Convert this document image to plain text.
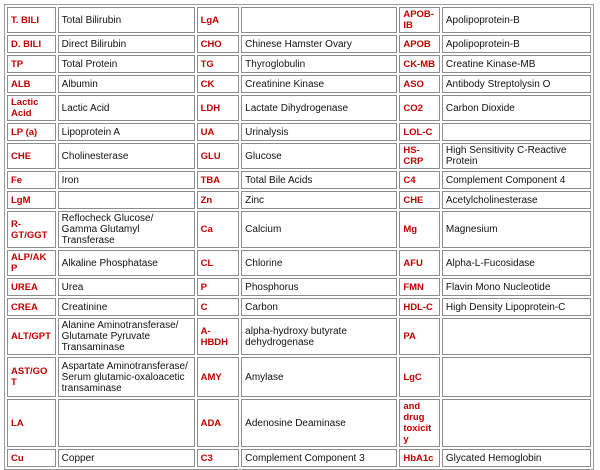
T. BILI	Total Bilirubin	LgA		APOB-IB	Apolipoprotein-B
D. BILI	Direct Bilirubin	CHO	Chinese Hamster Ovary	APOB	Apolipoprotein-B
TP	Total Protein	TG	Thyroglobulin	CK-MB	Creatine Kinase-MB
ALB	Albumin	CK	Creatinine Kinase	ASO	Antibody Streptolysin O
Lactic Acid	Lactic Acid	LDH	Lactate Dihydrogenase	CO2	Carbon Dioxide
LP (a)	Lipoprotein A	UA	Urinalysis	LOL-C	
CHE	Cholinesterase	GLU	Glucose	HS-CRP	High Sensitivity C-Reactive Protein
Fe	Iron	TBA	Total Bile Acids	C4	Complement Component 4
LgM		Zn	Zinc	CHE	Acetylcholinesterase
R-GT/GGT	Reflocheck Glucose/ Gamma Glutamyl Transferase	Ca	Calcium	Mg	Magnesium
ALP/AKP	Alkaline Phosphatase	CL	Chlorine	AFU	Alpha-L-Fucosidase
UREA	Urea	P	Phosphorus	FMN	Flavin Mono Nucleotide
CREA	Creatinine	C	Carbon	HDL-C	High Density Lipoprotein-C
ALT/GPT	Alanine Aminotransferase/ Glutamate Pyruvate Transaminase	A-HBDH	alpha-hydroxy butyrate dehydrogenase	PA	
AST/GOT	Aspartate Aminotransferase/ Serum glutamic-oxaloacetic transaminase	AMY	Amylase	LgC	
LA		ADA	Adenosine Deaminase	and drug toxicity	
Cu	Copper	C3	Complement Component 3	HbA1c	Glycated Hemoglobin
